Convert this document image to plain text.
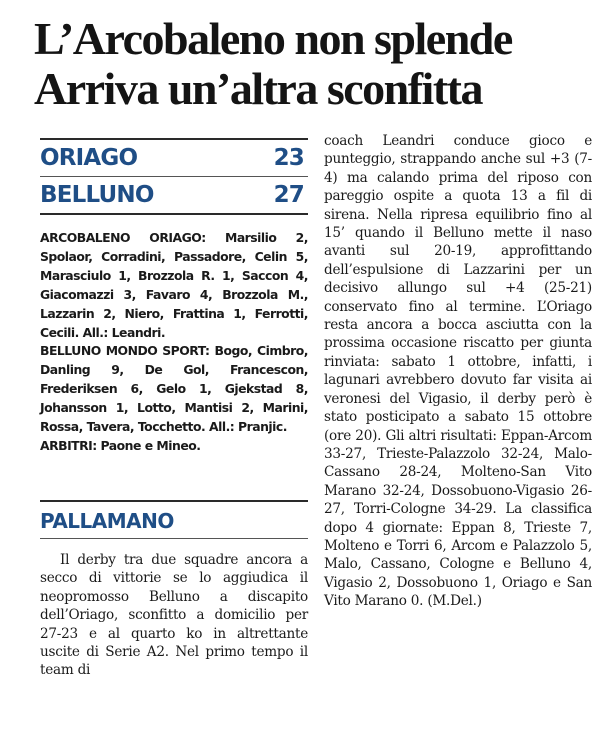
L’Arcobaleno non splende
Arriva un’altra sconfitta
ORIAGO	23
BELLUNO	27

ARCOBALENO ORIAGO: Marsilio 2, Spolaor, Corradini, Passadore, Celin 5, Marasciulo 1, Brozzola R. 1, Saccon 4, Giacomazzi 3, Favaro 4, Brozzola M., Lazzarin 2, Niero, Frattina 1, Ferrotti, Cecili. All.: Leandri.

BELLUNO MONDO SPORT: Bogo, Cimbro, Danling 9, De Gol, Francescon, Frederiksen 6, Gelo 1, Gjekstad 8, Johansson 1, Lotto, Mantisi 2, Marini, Rossa, Tavera, Tocchetto. All.: Pranjic.

ARBITRI: Paone e Mineo.

PALLAMANO

Il derby tra due squadre ancora a secco di vittorie se lo aggiudica il neopromosso Belluno a discapito dell’Oriago, sconfitto a domicilio per 27-23 e al quarto ko in altrettante uscite di Serie A2. Nel primo tempo il team di

coach Leandri conduce gioco e punteggio, strappando anche sul +3 (7-4) ma calando prima del riposo con pareggio ospite a quota 13 a fil di sirena. Nella ripresa equilibrio fino al 15’ quando il Belluno mette il naso avanti sul 20-19, approfittando dell’espulsione di Lazzarini per un decisivo allungo sul +4 (25-21) conservato fino al termine. L’Oriago resta ancora a bocca asciutta con la prossima occasione riscatto per giunta rinviata: sabato 1 ottobre, infatti, i lagunari avrebbero dovuto far visita ai veronesi del Vigasio, il derby però è stato posticipato a sabato 15 ottobre (ore 20). Gli altri risultati: Eppan-Arcom 33-27, Trieste-Palazzolo 32-24, Malo-Cassano 28-24, Molteno-San Vito Marano 32-24, Dossobuono-Vigasio 26-27, Torri-Cologne 34-29. La classifica dopo 4 giornate: Eppan 8, Trieste 7, Molteno e Torri 6, Arcom e Palazzolo 5, Malo, Cassano, Cologne e Belluno 4, Vigasio 2, Dossobuono 1, Oriago e San Vito Marano 0. (M.Del.)
